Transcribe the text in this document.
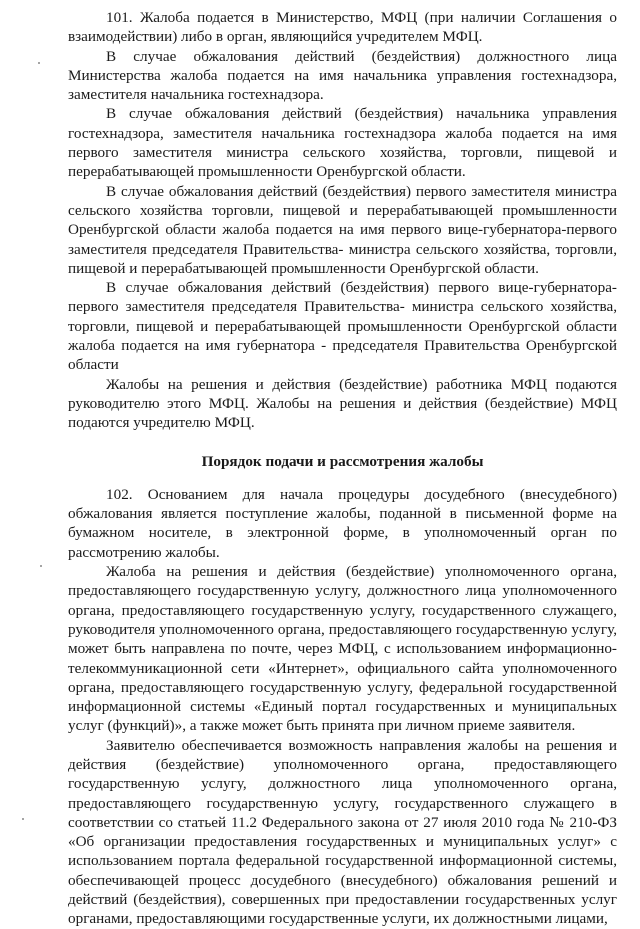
101. Жалоба подается в Министерство, МФЦ (при наличии Соглашения о взаимодействии) либо в орган, являющийся учредителем МФЦ.

В случае обжалования действий (бездействия) должностного лица Министерства жалоба подается на имя начальника управления гостехнадзора, заместителя начальника гостехнадзора.

В случае обжалования действий (бездействия) начальника управления гостехнадзора, заместителя начальника гостехнадзора жалоба подается на имя первого заместителя министра сельского хозяйства, торговли, пищевой и перерабатывающей промышленности Оренбургской области.

В случае обжалования действий (бездействия) первого заместителя министра сельского хозяйства торговли, пищевой и перерабатывающей промышленности Оренбургской области жалоба подается на имя первого вице-губернатора-первого заместителя председателя Правительства- министра сельского хозяйства, торговли, пищевой и перерабатывающей промышленности Оренбургской области.

В случае обжалования действий (бездействия) первого вице-губернатора-первого заместителя председателя Правительства- министра сельского хозяйства, торговли, пищевой и перерабатывающей промышленности Оренбургской области жалоба подается на имя губернатора - председателя Правительства Оренбургской области

Жалобы на решения и действия (бездействие) работника МФЦ подаются руководителю этого МФЦ. Жалобы на решения и действия (бездействие) МФЦ подаются учредителю МФЦ.

Порядок подачи и рассмотрения жалобы

102. Основанием для начала процедуры досудебного (внесудебного) обжалования является поступление жалобы, поданной в письменной форме на бумажном носителе, в электронной форме, в уполномоченный орган по рассмотрению жалобы.

Жалоба на решения и действия (бездействие) уполномоченного органа, предоставляющего государственную услугу, должностного лица уполномоченного органа, предоставляющего государственную услугу, государственного служащего, руководителя уполномоченного органа, предоставляющего государственную услугу, может быть направлена по почте, через МФЦ, с использованием информационно-телекоммуникационной сети «Интернет», официального сайта уполномоченного органа, предоставляющего государственную услугу, федеральной государственной информационной системы «Единый портал государственных и муниципальных услуг (функций)», а также может быть принята при личном приеме заявителя.

Заявителю обеспечивается возможность направления жалобы на решения и действия (бездействие) уполномоченного органа, предоставляющего государственную услугу, должностного лица уполномоченного органа, предоставляющего государственную услугу, государственного служащего в соответствии со статьей 11.2 Федерального закона от 27 июля 2010 года № 210-ФЗ «Об организации предоставления государственных и муниципальных услуг» с использованием портала федеральной государственной информационной системы, обеспечивающей процесс досудебного (внесудебного) обжалования решений и действий (бездействия), совершенных при предоставлении государственных услуг органами, предоставляющими государственные услуги, их должностными лицами,
